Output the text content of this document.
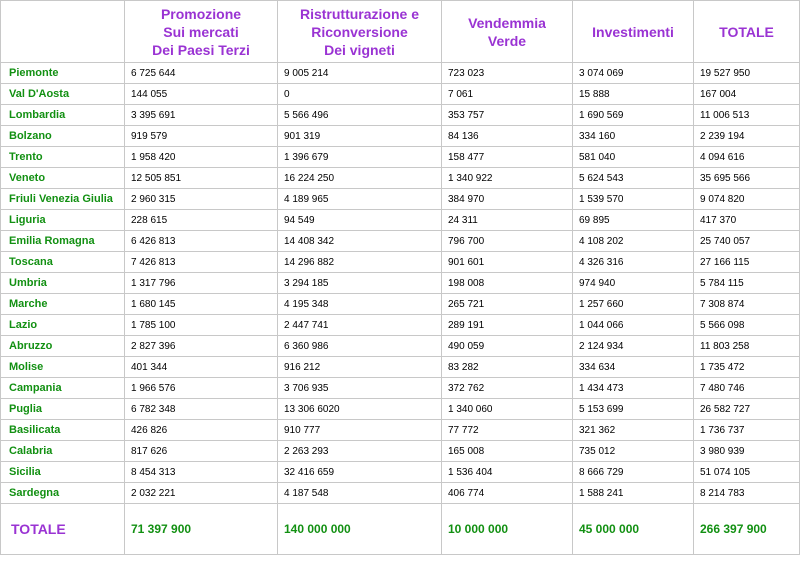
	Promozione
Sui mercati
Dei Paesi Terzi	Ristrutturazione e
Riconversione
Dei vigneti	Vendemmia
Verde	Investimenti	TOTALE

Piemonte	6 725 644	9 005 214	723 023	3 074 069	19 527 950
Val D'Aosta	144 055	0	7 061	15 888	167 004
Lombardia	3 395 691	5 566 496	353 757	1 690 569	11 006 513
Bolzano	919 579	901 319	84 136	334 160	2 239 194
Trento	1 958 420	1 396 679	158 477	581 040	4 094 616
Veneto	12 505 851	16 224 250	1 340 922	5 624 543	35 695 566
Friuli Venezia Giulia	2 960 315	4 189 965	384 970	1 539 570	9 074 820
Liguria	228 615	94 549	24 311	69 895	417 370
Emilia Romagna	6 426 813	14 408 342	796 700	4 108 202	25 740 057
Toscana	7 426 813	14 296 882	901 601	4 326 316	27 166 115
Umbria	1 317 796	3 294 185	198 008	974 940	5 784 115
Marche	1 680 145	4 195 348	265 721	1 257 660	7 308 874
Lazio	1 785 100	2 447 741	289 191	1 044 066	5 566 098
Abruzzo	2 827 396	6 360 986	490 059	2 124 934	11 803 258
Molise	401 344	916 212	83 282	334 634	1 735 472
Campania	1 966 576	3 706 935	372 762	1 434 473	7 480 746
Puglia	6 782 348	13 306 6020	1 340 060	5 153 699	26 582 727
Basilicata	426 826	910 777	77 772	321 362	1 736 737
Calabria	817 626	2 263 293	165 008	735 012	3 980 939
Sicilia	8 454 313	32 416 659	1 536 404	8 666 729	51 074 105
Sardegna	2 032 221	4 187 548	406 774	1 588 241	8 214 783
TOTALE	71 397 900	140 000 000	10 000 000	45 000 000	266 397 900
